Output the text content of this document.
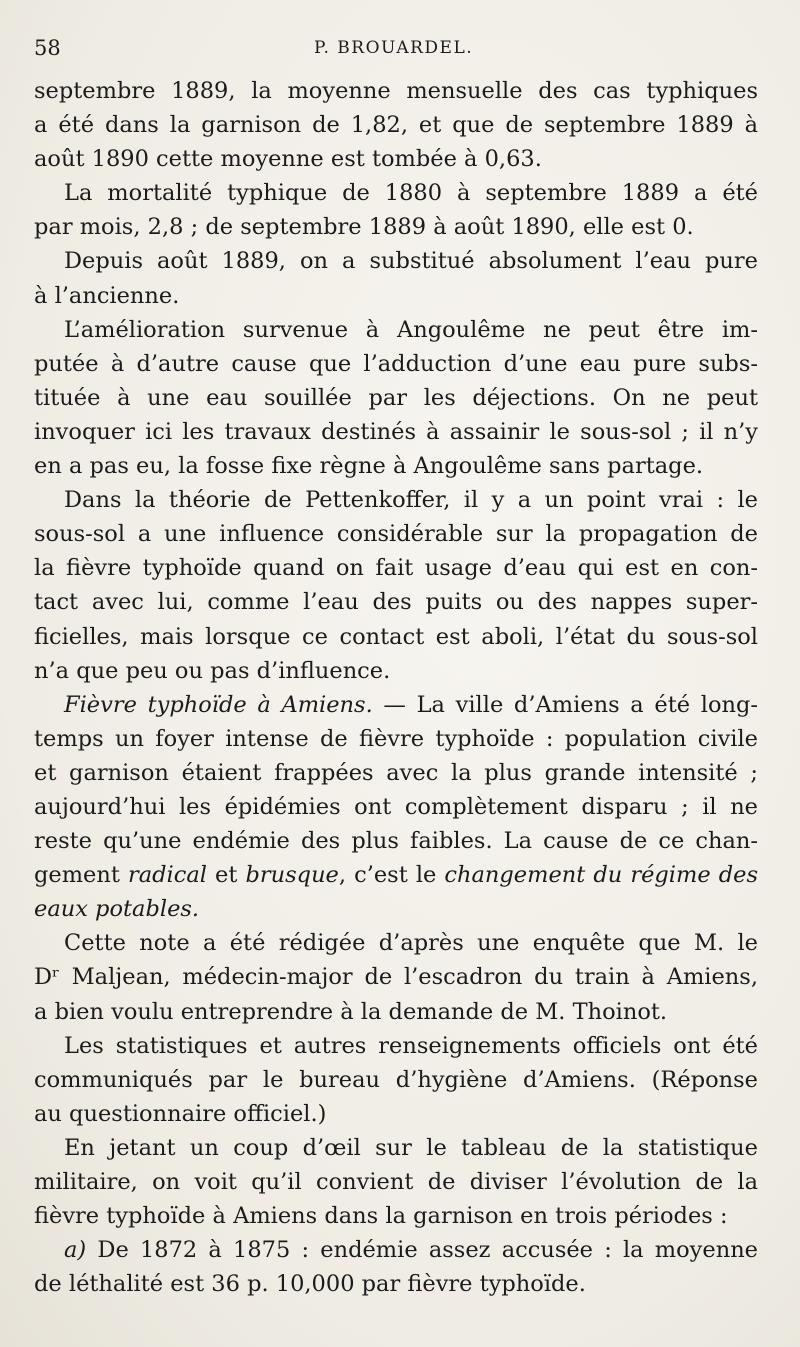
58	P. BROUARDEL.
septembre 1889, la moyenne mensuelle des cas typhiques
a été dans la garnison de 1,82, et que de septembre 1889 à
août 1890 cette moyenne est tombée à 0,63.
La mortalité typhique de 1880 à septembre 1889 a été
par mois, 2,8 ; de septembre 1889 à août 1890, elle est 0.
Depuis août 1889, on a substitué absolument l’eau pure
à l’ancienne.
L’amélioration survenue à Angoulême ne peut être im-
putée à d’autre cause que l’adduction d’une eau pure subs-
tituée à une eau souillée par les déjections. On ne peut
invoquer ici les travaux destinés à assainir le sous-sol ; il n’y
en a pas eu, la fosse fixe règne à Angoulême sans partage.
Dans la théorie de Pettenkoffer, il y a un point vrai : le
sous-sol a une influence considérable sur la propagation de
la fièvre typhoïde quand on fait usage d’eau qui est en con-
tact avec lui, comme l’eau des puits ou des nappes super-
ficielles, mais lorsque ce contact est aboli, l’état du sous-sol
n’a que peu ou pas d’influence.
Fièvre typhoïde à Amiens. — La ville d’Amiens a été long-
temps un foyer intense de fièvre typhoïde : population civile
et garnison étaient frappées avec la plus grande intensité ;
aujourd’hui les épidémies ont complètement disparu ; il ne
reste qu’une endémie des plus faibles. La cause de ce chan-
gement radical et brusque, c’est le changement du régime des
eaux potables.
Cette note a été rédigée d’après une enquête que M. le
Dʳ Maljean, médecin-major de l’escadron du train à Amiens,
a bien voulu entreprendre à la demande de M. Thoinot.
Les statistiques et autres renseignements officiels ont été
communiqués par le bureau d’hygiène d’Amiens. (Réponse
au questionnaire officiel.)
En jetant un coup d’œil sur le tableau de la statistique
militaire, on voit qu’il convient de diviser l’évolution de la
fièvre typhoïde à Amiens dans la garnison en trois périodes :
a) De 1872 à 1875 : endémie assez accusée : la moyenne
de léthalité est 36 p. 10,000 par fièvre typhoïde.
